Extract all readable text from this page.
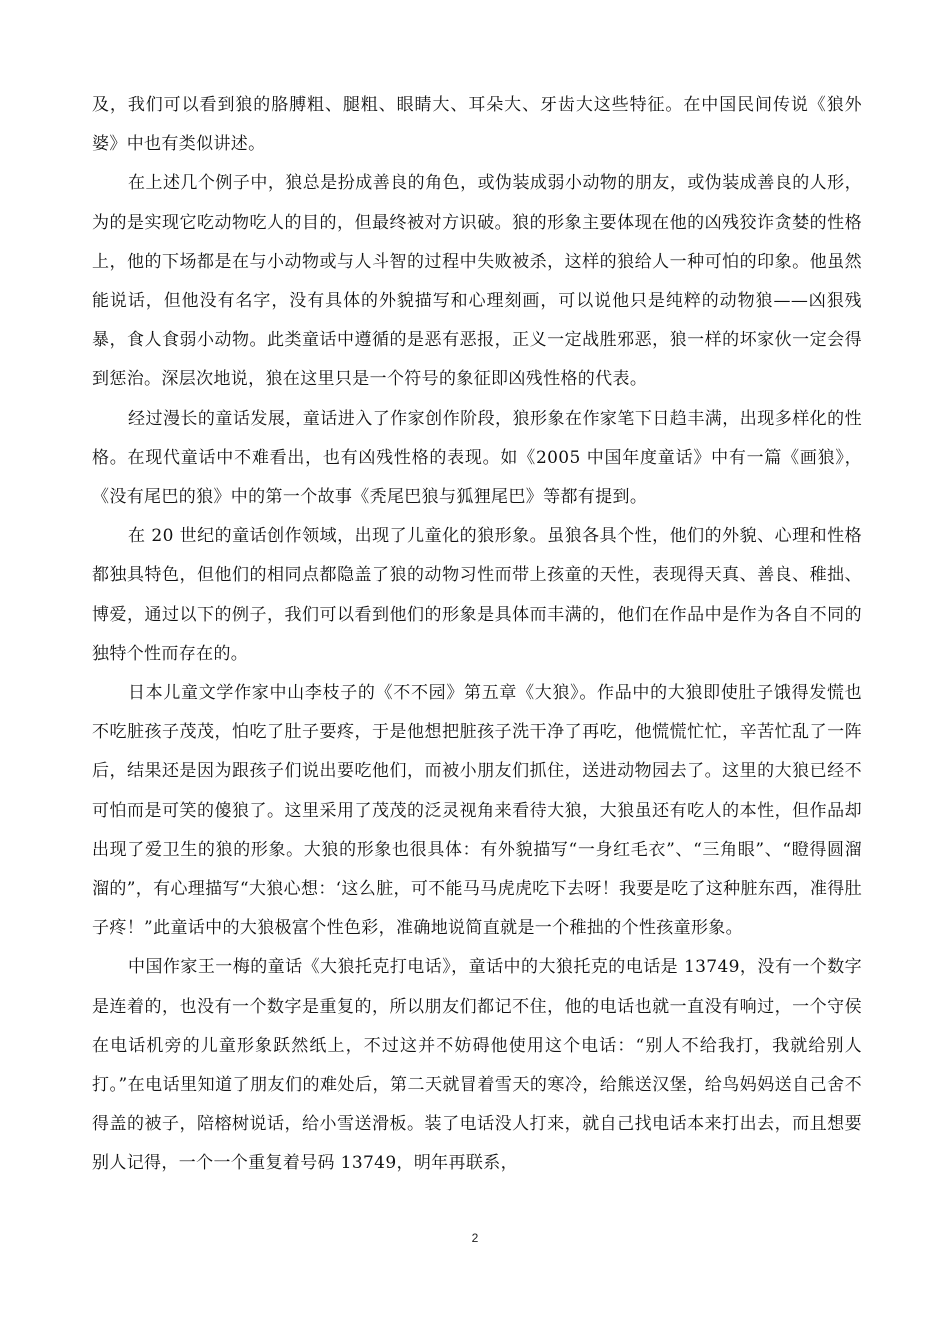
及，我们可以看到狼的胳膊粗、腿粗、眼睛大、耳朵大、牙齿大这些特征。在中国民间传说《狼外婆》中也有类似讲述。

在上述几个例子中，狼总是扮成善良的角色，或伪装成弱小动物的朋友，或伪装成善良的人形，为的是实现它吃动物吃人的目的，但最终被对方识破。狼的形象主要体现在他的凶残狡诈贪婪的性格上，他的下场都是在与小动物或与人斗智的过程中失败被杀，这样的狼给人一种可怕的印象。他虽然能说话，但他没有名字，没有具体的外貌描写和心理刻画，可以说他只是纯粹的动物狼——凶狠残暴，食人食弱小动物。此类童话中遵循的是恶有恶报，正义一定战胜邪恶，狼一样的坏家伙一定会得到惩治。深层次地说，狼在这里只是一个符号的象征即凶残性格的代表。

经过漫长的童话发展，童话进入了作家创作阶段，狼形象在作家笔下日趋丰满，出现多样化的性格。在现代童话中不难看出，也有凶残性格的表现。如《2005 中国年度童话》中有一篇《画狼》，《没有尾巴的狼》中的第一个故事《秃尾巴狼与狐狸尾巴》等都有提到。

在 20 世纪的童话创作领域，出现了儿童化的狼形象。虽狼各具个性，他们的外貌、心理和性格都独具特色，但他们的相同点都隐盖了狼的动物习性而带上孩童的天性，表现得天真、善良、稚拙、博爱，通过以下的例子，我们可以看到他们的形象是具体而丰满的，他们在作品中是作为各自不同的独特个性而存在的。

日本儿童文学作家中山李枝子的《不不园》第五章《大狼》。作品中的大狼即使肚子饿得发慌也不吃脏孩子茂茂，怕吃了肚子要疼，于是他想把脏孩子洗干净了再吃，他慌慌忙忙，辛苦忙乱了一阵后，结果还是因为跟孩子们说出要吃他们，而被小朋友们抓住，送进动物园去了。这里的大狼已经不可怕而是可笑的傻狼了。这里采用了茂茂的泛灵视角来看待大狼，大狼虽还有吃人的本性，但作品却出现了爱卫生的狼的形象。大狼的形象也很具体：有外貌描写“一身红毛衣”、“三角眼”、“瞪得圆溜溜的”，有心理描写“大狼心想：‘这么脏，可不能马马虎虎吃下去呀！我要是吃了这种脏东西，准得肚子疼！”此童话中的大狼极富个性色彩，准确地说简直就是一个稚拙的个性孩童形象。

中国作家王一梅的童话《大狼托克打电话》，童话中的大狼托克的电话是 13749，没有一个数字是连着的，也没有一个数字是重复的，所以朋友们都记不住，他的电话也就一直没有响过，一个守侯在电话机旁的儿童形象跃然纸上，不过这并不妨碍他使用这个电话：“别人不给我打，我就给别人打。”在电话里知道了朋友们的难处后，第二天就冒着雪天的寒冷，给熊送汉堡，给鸟妈妈送自己舍不得盖的被子，陪榕树说话，给小雪送滑板。装了电话没人打来，就自己找电话本来打出去，而且想要别人记得，一个一个重复着号码 13749，明年再联系，

2
